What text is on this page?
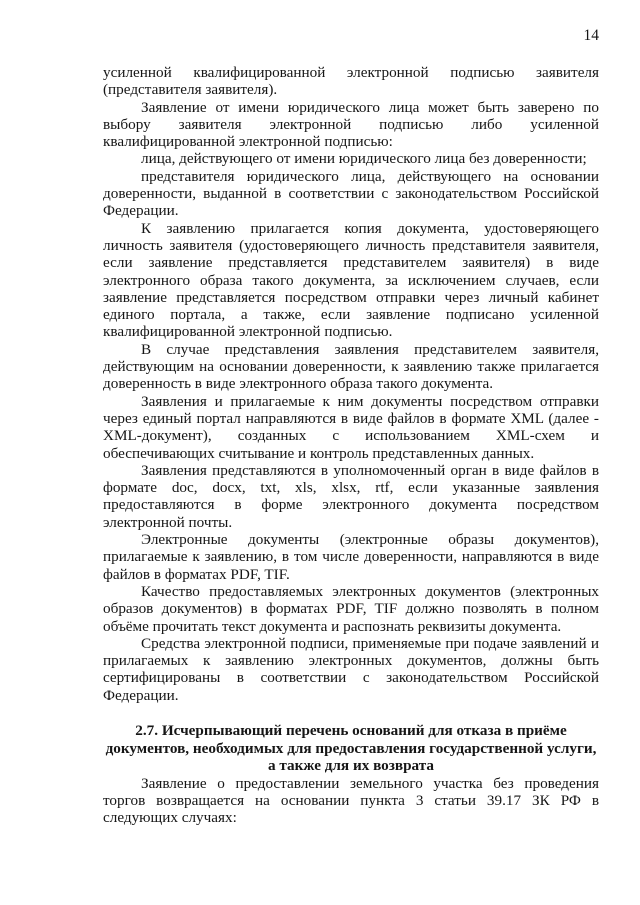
14

усиленной квалифицированной электронной подписью заявителя (представителя заявителя).

Заявление от имени юридического лица может быть заверено по выбору заявителя электронной подписью либо усиленной квалифицированной электронной подписью:

лица, действующего от имени юридического лица без доверенности;

представителя юридического лица, действующего на основании доверенности, выданной в соответствии с законодательством Российской Федерации.

К заявлению прилагается копия документа, удостоверяющего личность заявителя (удостоверяющего личность представителя заявителя, если заявление представляется представителем заявителя) в виде электронного образа такого документа, за исключением случаев, если заявление представляется посредством отправки через личный кабинет единого портала, а также, если заявление подписано усиленной квалифицированной электронной подписью.

В случае представления заявления представителем заявителя, действующим на основании доверенности, к заявлению также прилагается доверенность в виде электронного образа такого документа.

Заявления и прилагаемые к ним документы посредством отправки через единый портал направляются в виде файлов в формате XML (далее - XML-документ), созданных с использованием XML-схем и обеспечивающих считывание и контроль представленных данных.

Заявления представляются в уполномоченный орган в виде файлов в формате doc, docx, txt, xls, xlsx, rtf, если указанные заявления предоставляются в форме электронного документа посредством электронной почты.

Электронные документы (электронные образы документов), прилагаемые к заявлению, в том числе доверенности, направляются в виде файлов в форматах PDF, TIF.

Качество предоставляемых электронных документов (электронных образов документов) в форматах PDF, TIF должно позволять в полном объёме прочитать текст документа и распознать реквизиты документа.

Средства электронной подписи, применяемые при подаче заявлений и прилагаемых к заявлению электронных документов, должны быть сертифицированы в соответствии с законодательством Российской Федерации.

2.7. Исчерпывающий перечень оснований для отказа в приёме
документов, необходимых для предоставления государственной услуги,
а также для их возврата

Заявление о предоставлении земельного участка без проведения торгов возвращается на основании пункта 3 статьи 39.17 ЗК РФ в следующих случаях:
